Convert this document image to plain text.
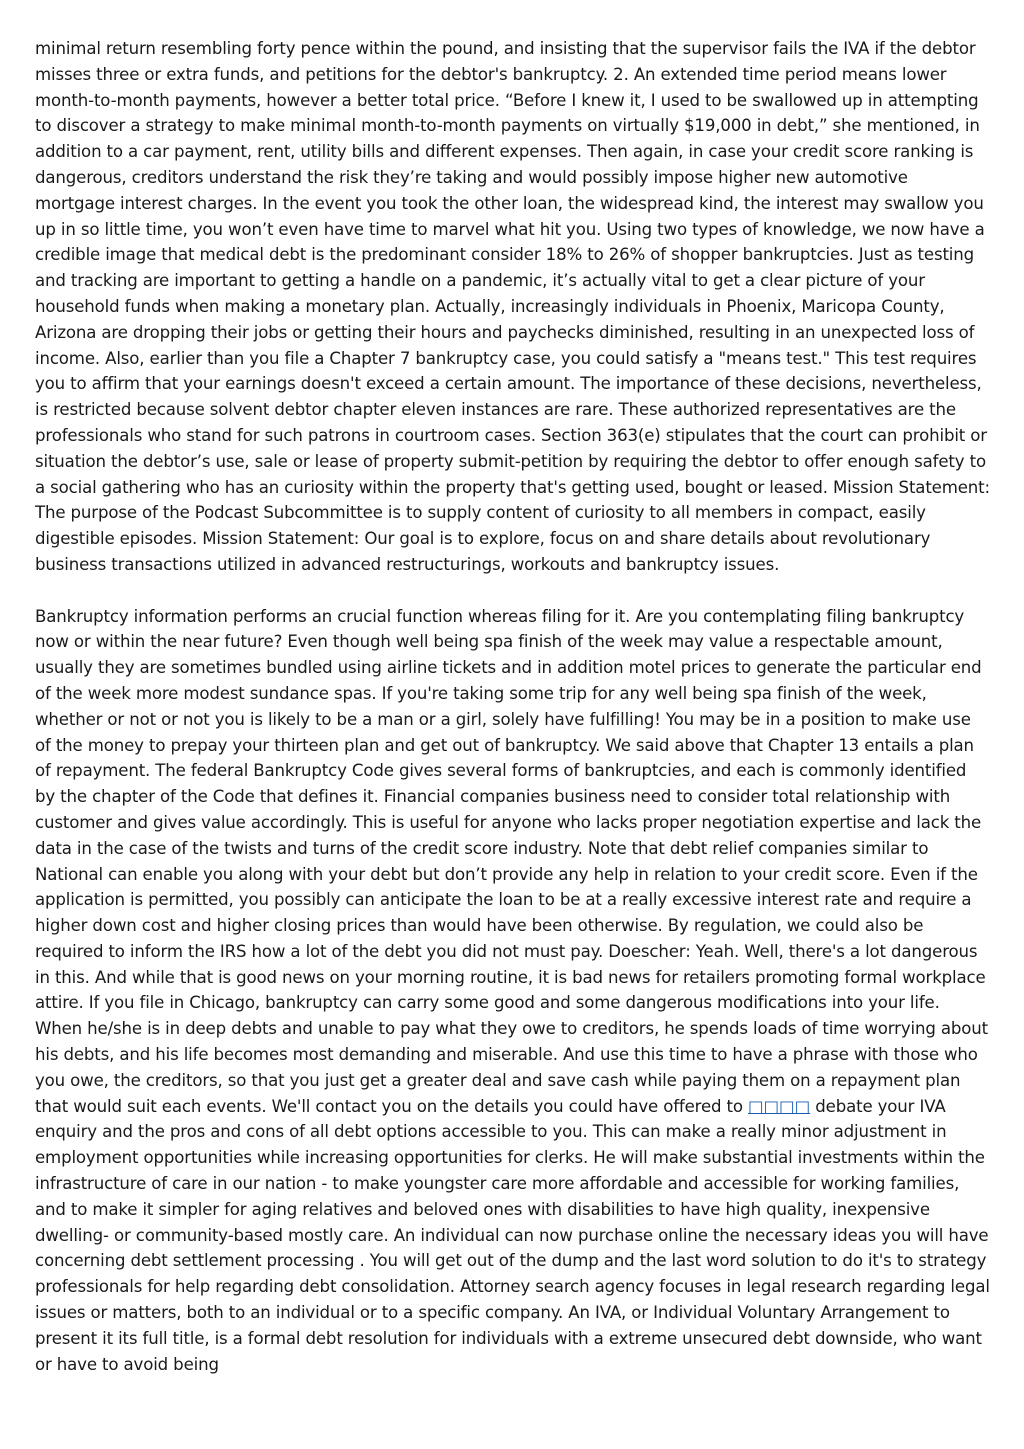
minimal return resembling forty pence within the pound, and insisting that the supervisor fails the IVA if the debtor misses three or extra funds, and petitions for the debtor's bankruptcy. 2. An extended time period means lower month-to-month payments, however a better total price. “Before I knew it, I used to be swallowed up in attempting to discover a strategy to make minimal month-to-month payments on virtually $19,000 in debt,” she mentioned, in addition to a car payment, rent, utility bills and different expenses. Then again, in case your credit score ranking is dangerous, creditors understand the risk they’re taking and would possibly impose higher new automotive mortgage interest charges. In the event you took the other loan, the widespread kind, the interest may swallow you up in so little time, you won’t even have time to marvel what hit you. Using two types of knowledge, we now have a credible image that medical debt is the predominant consider 18% to 26% of shopper bankruptcies. Just as testing and tracking are important to getting a handle on a pandemic, it’s actually vital to get a clear picture of your household funds when making a monetary plan. Actually, increasingly individuals in Phoenix, Maricopa County, Arizona are dropping their jobs or getting their hours and paychecks diminished, resulting in an unexpected loss of income. Also, earlier than you file a Chapter 7 bankruptcy case, you could satisfy a "means test." This test requires you to affirm that your earnings doesn't exceed a certain amount. The importance of these decisions, nevertheless, is restricted because solvent debtor chapter eleven instances are rare. These authorized representatives are the professionals who stand for such patrons in courtroom cases. Section 363(e) stipulates that the court can prohibit or situation the debtor’s use, sale or lease of property submit-petition by requiring the debtor to offer enough safety to a social gathering who has an curiosity within the property that's getting used, bought or leased. Mission Statement: The purpose of the Podcast Subcommittee is to supply content of curiosity to all members in compact, easily digestible episodes. Mission Statement: Our goal is to explore, focus on and share details about revolutionary business transactions utilized in advanced restructurings, workouts and bankruptcy issues.

Bankruptcy information performs an crucial function whereas filing for it. Are you contemplating filing bankruptcy now or within the near future? Even though well being spa finish of the week may value a respectable amount, usually they are sometimes bundled using airline tickets and in addition motel prices to generate the particular end of the week more modest sundance spas. If you're taking some trip for any well being spa finish of the week, whether or not or not you is likely to be a man or a girl, solely have fulfilling! You may be in a position to make use of the money to prepay your thirteen plan and get out of bankruptcy. We said above that Chapter 13 entails a plan of repayment. The federal Bankruptcy Code gives several forms of bankruptcies, and each is commonly identified by the chapter of the Code that defines it. Financial companies business need to consider total relationship with customer and gives value accordingly. This is useful for anyone who lacks proper negotiation expertise and lack the data in the case of the twists and turns of the credit score industry. Note that debt relief companies similar to National can enable you along with your debt but don’t provide any help in relation to your credit score. Even if the application is permitted, you possibly can anticipate the loan to be at a really excessive interest rate and require a higher down cost and higher closing prices than would have been otherwise. By regulation, we could also be required to inform the IRS how a lot of the debt you did not must pay. Doescher: Yeah. Well, there's a lot dangerous in this. And while that is good news on your morning routine, it is bad news for retailers promoting formal workplace attire. If you file in Chicago, bankruptcy can carry some good and some dangerous modifications into your life. When he/she is in deep debts and unable to pay what they owe to creditors, he spends loads of time worrying about his debts, and his life becomes most demanding and miserable. And use this time to have a phrase with those who you owe, the creditors, so that you just get a greater deal and save cash while paying them on a repayment plan that would suit each events. We'll contact you on the details you could have offered to □□□□ debate your IVA enquiry and the pros and cons of all debt options accessible to you. This can make a really minor adjustment in employment opportunities while increasing opportunities for clerks. He will make substantial investments within the infrastructure of care in our nation - to make youngster care more affordable and accessible for working families, and to make it simpler for aging relatives and beloved ones with disabilities to have high quality, inexpensive dwelling- or community-based mostly care. An individual can now purchase online the necessary ideas you will have concerning debt settlement processing . You will get out of the dump and the last word solution to do it's to strategy professionals for help regarding debt consolidation. Attorney search agency focuses in legal research regarding legal issues or matters, both to an individual or to a specific company. An IVA, or Individual Voluntary Arrangement to present it its full title, is a formal debt resolution for individuals with a extreme unsecured debt downside, who want or have to avoid being
